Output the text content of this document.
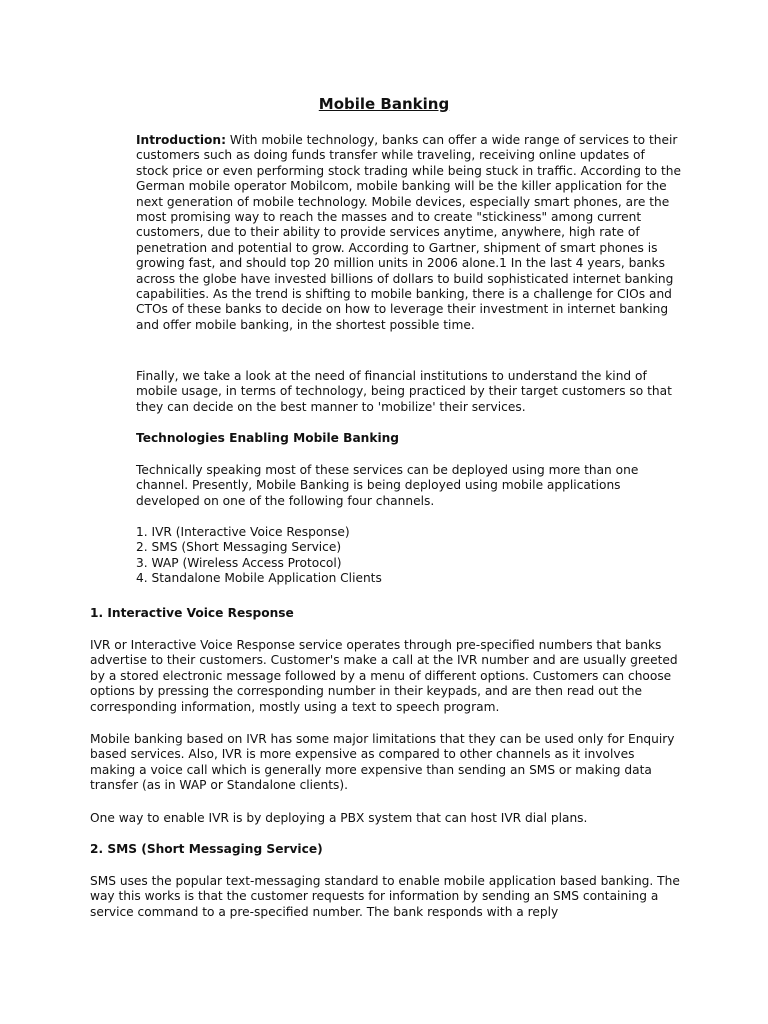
Mobile Banking

Introduction: With mobile technology, banks can offer a wide range of services to their customers such as doing funds transfer while traveling, receiving online updates of stock price or even performing stock trading while being stuck in traffic. According to the German mobile operator Mobilcom, mobile banking will be the killer application for the next generation of mobile technology. Mobile devices, especially smart phones, are the most promising way to reach the masses and to create "stickiness" among current customers, due to their ability to provide services anytime, anywhere, high rate of penetration and potential to grow. According to Gartner, shipment of smart phones is growing fast, and should top 20 million units in 2006 alone.1 In the last 4 years, banks across the globe have invested billions of dollars to build sophisticated internet banking capabilities. As the trend is shifting to mobile banking, there is a challenge for CIOs and CTOs of these banks to decide on how to leverage their investment in internet banking and offer mobile banking, in the shortest possible time.

Finally, we take a look at the need of financial institutions to understand the kind of mobile usage, in terms of technology, being practiced by their target customers so that they can decide on the best manner to 'mobilize' their services.
Technologies Enabling Mobile Banking
Technically speaking most of these services can be deployed using more than one channel. Presently, Mobile Banking is being deployed using mobile applications developed on one of the following four channels.
1. IVR (Interactive Voice Response)
2. SMS (Short Messaging Service)
3. WAP (Wireless Access Protocol)
4. Standalone Mobile Application Clients
1. Interactive Voice Response
IVR or Interactive Voice Response service operates through pre-specified numbers that banks advertise to their customers. Customer's make a call at the IVR number and are usually greeted by a stored electronic message followed by a menu of different options. Customers can choose options by pressing the corresponding number in their keypads, and are then read out the corresponding information, mostly using a text to speech program.
Mobile banking based on IVR has some major limitations that they can be used only for Enquiry based services. Also, IVR is more expensive as compared to other channels as it involves making a voice call which is generally more expensive than sending an SMS or making data transfer (as in WAP or Standalone clients).
One way to enable IVR is by deploying a PBX system that can host IVR dial plans.
2. SMS (Short Messaging Service)
SMS uses the popular text-messaging standard to enable mobile application based banking. The way this works is that the customer requests for information by sending an SMS containing a service command to a pre-specified number. The bank responds with a reply
